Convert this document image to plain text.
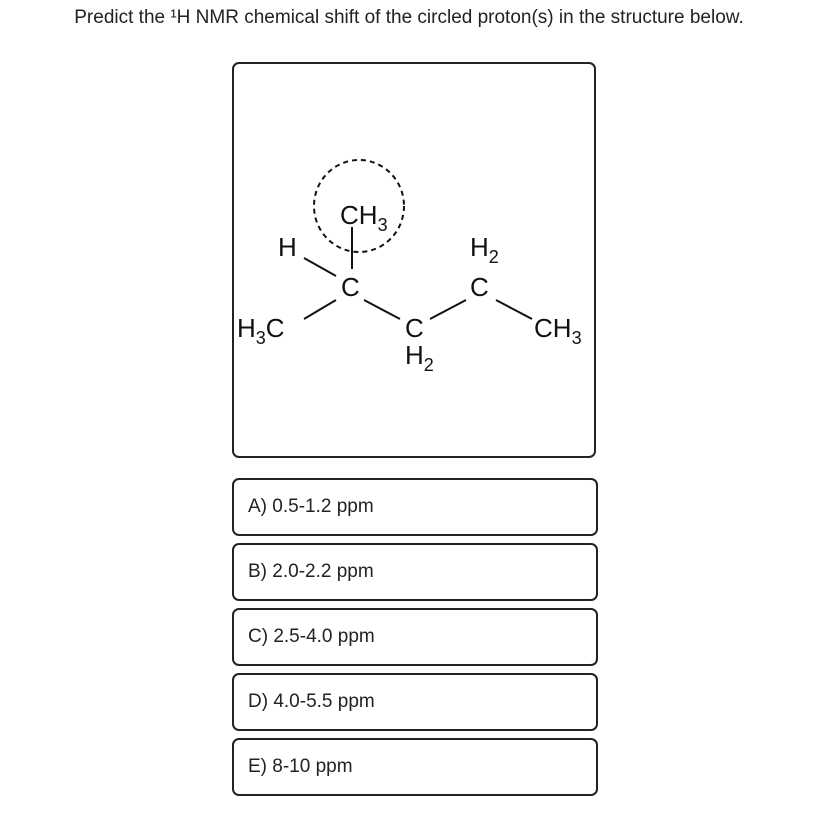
Predict the ¹H NMR chemical shift of the circled proton(s) in the structure below.
$CH_3$
H
C
$H_3C$	C
$H_2$
$H_2$
C
$CH_3$
A) 0.5-1.2 ppm
B) 2.0-2.2 ppm
C) 2.5-4.0 ppm
D) 4.0-5.5 ppm
E) 8-10 ppm
